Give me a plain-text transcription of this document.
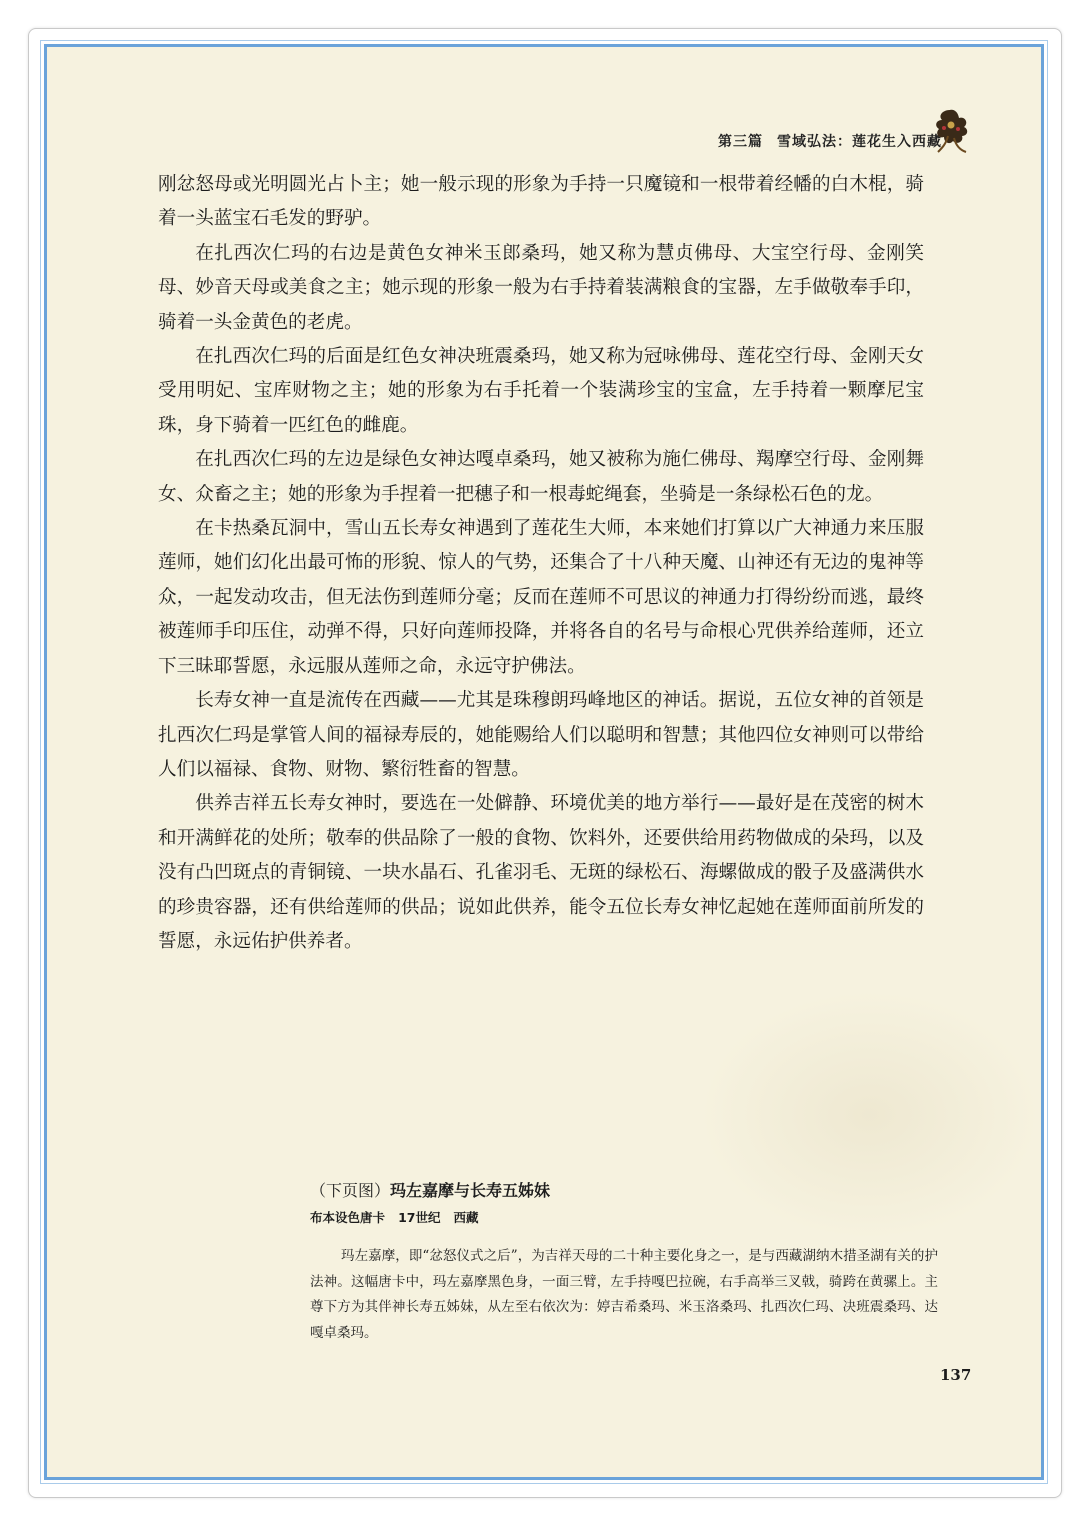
第三篇 雪域弘法：莲花生入西藏

刚忿怒母或光明圆光占卜主；她一般示现的形象为手持一只魔镜和一根带着经幡的白木棍，骑着一头蓝宝石毛发的野驴。

在扎西次仁玛的右边是黄色女神米玉郎桑玛，她又称为慧贞佛母、大宝空行母、金刚笑母、妙音天母或美食之主；她示现的形象一般为右手持着装满粮食的宝器，左手做敬奉手印，骑着一头金黄色的老虎。

在扎西次仁玛的后面是红色女神决班震桑玛，她又称为冠咏佛母、莲花空行母、金刚天女受用明妃、宝库财物之主；她的形象为右手托着一个装满珍宝的宝盒，左手持着一颗摩尼宝珠，身下骑着一匹红色的雌鹿。

在扎西次仁玛的左边是绿色女神达嘎卓桑玛，她又被称为施仁佛母、羯摩空行母、金刚舞女、众畜之主；她的形象为手捏着一把穗子和一根毒蛇绳套，坐骑是一条绿松石色的龙。

在卡热桑瓦洞中，雪山五长寿女神遇到了莲花生大师，本来她们打算以广大神通力来压服莲师，她们幻化出最可怖的形貌、惊人的气势，还集合了十八种天魔、山神还有无边的鬼神等众，一起发动攻击，但无法伤到莲师分毫；反而在莲师不可思议的神通力打得纷纷而逃，最终被莲师手印压住，动弹不得，只好向莲师投降，并将各自的名号与命根心咒供养给莲师，还立下三昧耶誓愿，永远服从莲师之命，永远守护佛法。

长寿女神一直是流传在西藏——尤其是珠穆朗玛峰地区的神话。据说，五位女神的首领是扎西次仁玛是掌管人间的福禄寿辰的，她能赐给人们以聪明和智慧；其他四位女神则可以带给人们以福禄、食物、财物、繁衍牲畜的智慧。

供养吉祥五长寿女神时，要选在一处僻静、环境优美的地方举行——最好是在茂密的树木和开满鲜花的处所；敬奉的供品除了一般的食物、饮料外，还要供给用药物做成的朵玛，以及没有凸凹斑点的青铜镜、一块水晶石、孔雀羽毛、无斑的绿松石、海螺做成的骰子及盛满供水的珍贵容器，还有供给莲师的供品；说如此供养，能令五位长寿女神忆起她在莲师面前所发的誓愿，永远佑护供养者。

（下页图）玛左嘉摩与长寿五姊妹
布本设色唐卡 17世纪 西藏
玛左嘉摩，即“忿怒仪式之后”，为吉祥天母的二十种主要化身之一，是与西藏湖纳木措圣湖有关的护法神。这幅唐卡中，玛左嘉摩黑色身，一面三臂，左手持嘎巴拉碗，右手高举三叉戟，骑跨在黄骡上。主尊下方为其伴神长寿五姊妹，从左至右依次为：婷吉希桑玛、米玉洛桑玛、扎西次仁玛、决班震桑玛、达嘎卓桑玛。
137
